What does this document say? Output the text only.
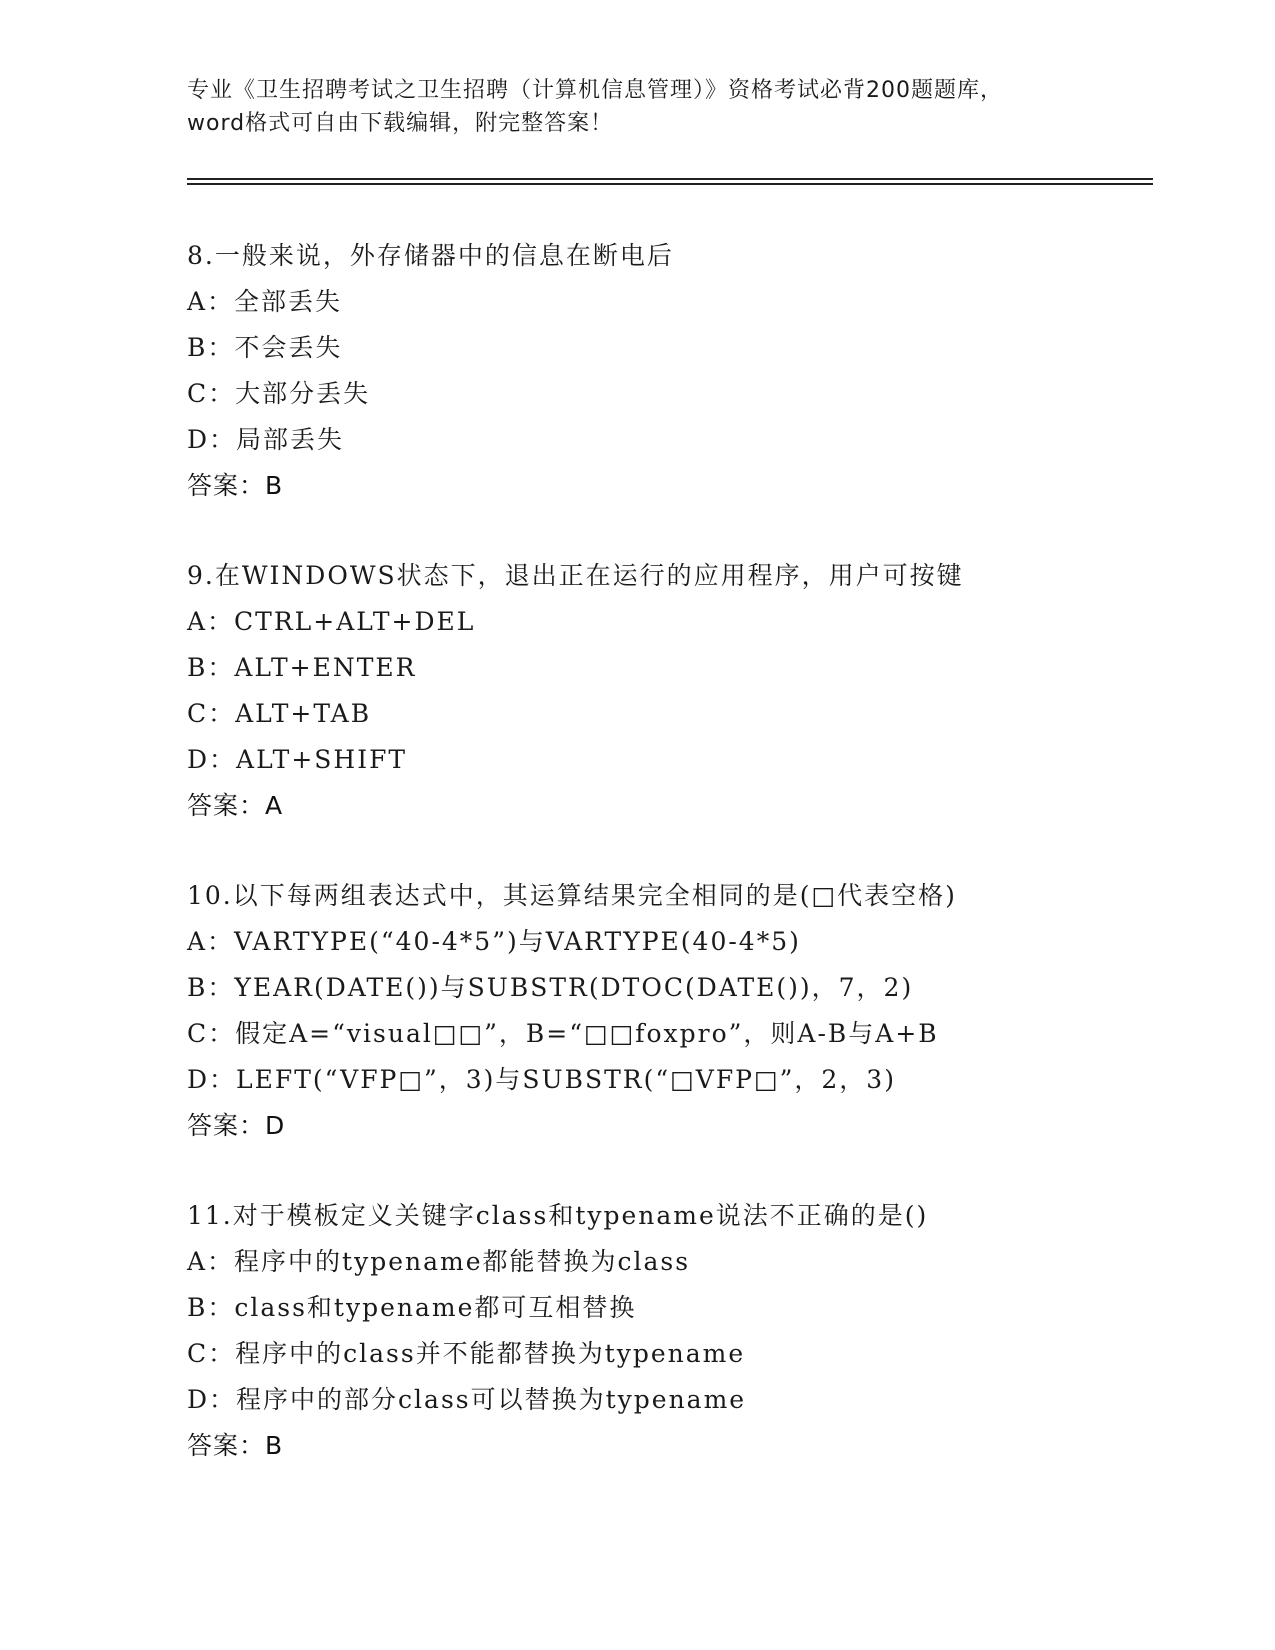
专业《卫生招聘考试之卫生招聘（计算机信息管理）》资格考试必背200题题库，
word格式可自由下载编辑，附完整答案！
8.一般来说，外存储器中的信息在断电后
A：全部丢失
B：不会丢失
C：大部分丢失
D：局部丢失
答案：B
9.在WINDOWS状态下，退出正在运行的应用程序，用户可按键
A：CTRL+ALT+DEL
B：ALT+ENTER
C：ALT+TAB
D：ALT+SHIFT
答案：A
10.以下每两组表达式中，其运算结果完全相同的是(□代表空格)
A：VARTYPE(“40-4*5”)与VARTYPE(40-4*5)
B：YEAR(DATE())与SUBSTR(DTOC(DATE())，7，2)
C：假定A=“visual□□”，B=“□□foxpro”，则A-B与A+B
D：LEFT(“VFP□”，3)与SUBSTR(“□VFP□”，2，3)
答案：D
11.对于模板定义关键字class和typename说法不正确的是()
A：程序中的typename都能替换为class
B：class和typename都可互相替换
C：程序中的class并不能都替换为typename
D：程序中的部分class可以替换为typename
答案：B
